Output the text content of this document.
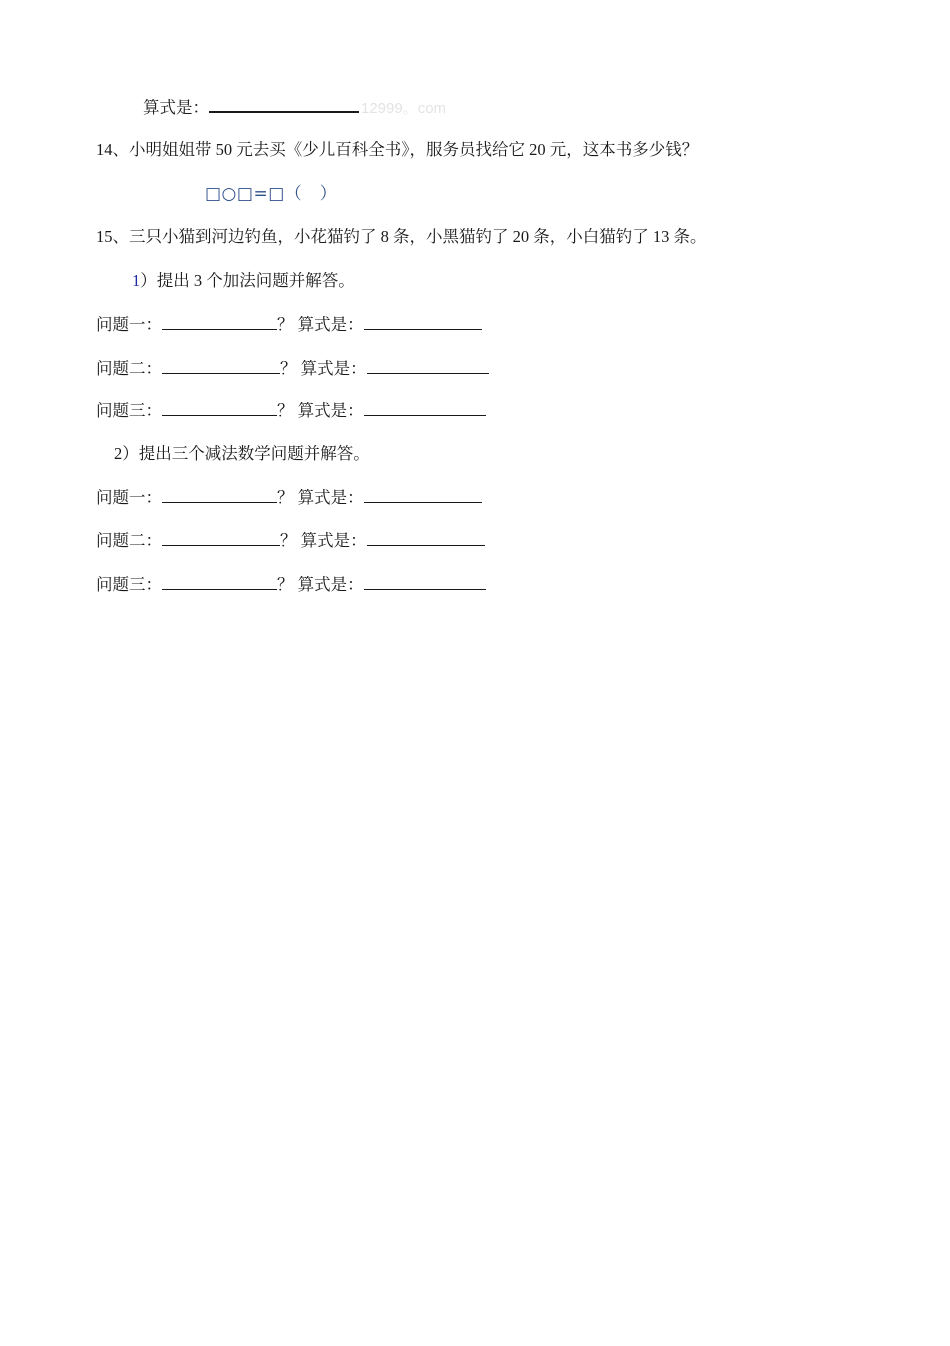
算式是：	12999。com
14、小明姐姐带 50 元去买《少儿百科全书》，服务员找给它 20 元，这本书多少钱？
□○□=□（　）
15、三只小猫到河边钓鱼，小花猫钓了 8 条，小黑猫钓了 20 条，小白猫钓了 13 条。
1）提出 3 个加法问题并解答。
问题一：	？ 算式是：
问题二：	？ 算式是：
问题三：	？ 算式是：
2）提出三个减法数学问题并解答。
问题一：	？ 算式是：
问题二：	？ 算式是：
问题三：	？ 算式是：
